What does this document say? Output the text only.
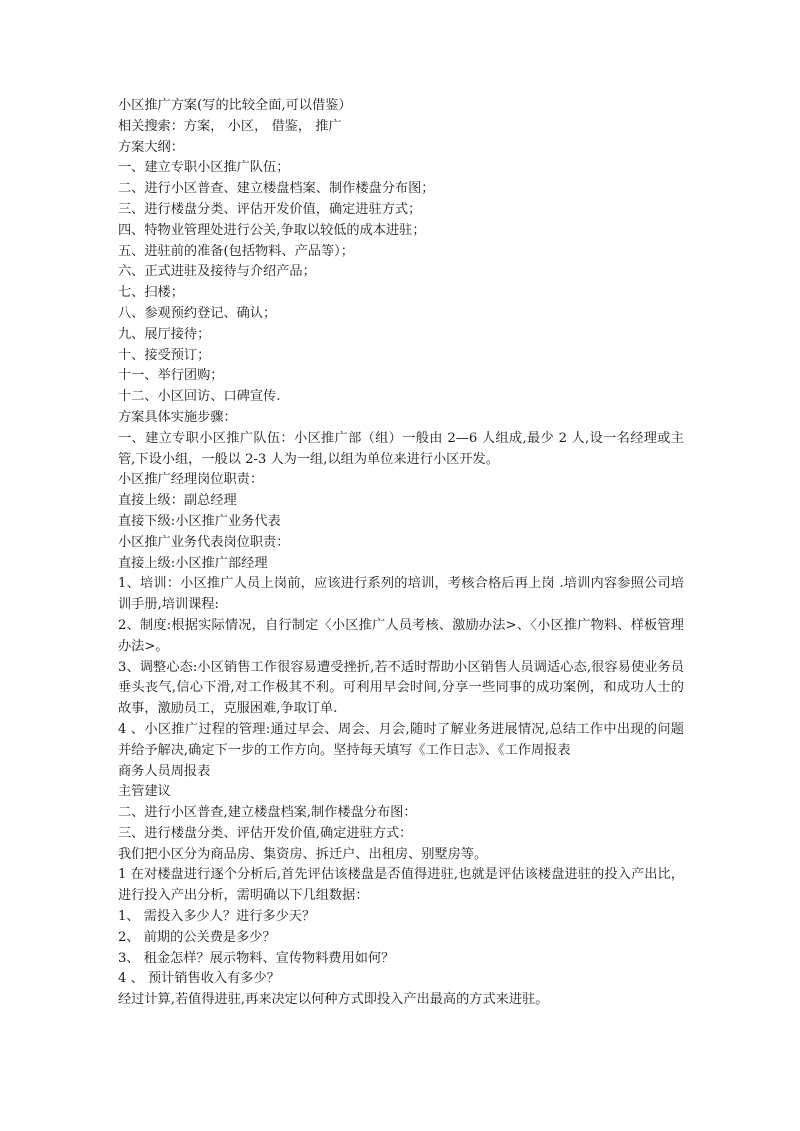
小区推广方案(写的比较全面,可以借鉴）

相关搜索：方案， 小区， 借鉴， 推广

方案大纲：

一、建立专职小区推广队伍；

二、进行小区普查、建立楼盘档案、制作楼盘分布图；

三、进行楼盘分类、评估开发价值，确定进驻方式；

四、特物业管理处进行公关,争取以较低的成本进驻；

五、进驻前的准备(包括物料、产品等）；

六、正式进驻及接待与介绍产品；

七、扫楼；

八、参观预约登记、确认；

九、展厅接待；

十、接受预订；

十一、举行团购；

十二、小区回访、口碑宣传.

方案具体实施步骤：

一、建立专职小区推广队伍：小区推广部（组）一般由 2—6 人组成,最少 2 人,设一名经理或主管,下设小组，一般以 2-3 人为一组,以组为单位来进行小区开发。

小区推广经理岗位职责：

直接上级：副总经理

直接下级:小区推广业务代表

小区推广业务代表岗位职责：

直接上级:小区推广部经理

1、培训：小区推广人员上岗前，应该进行系列的培训，考核合格后再上岗 .培训内容参照公司培训手册,培训课程:

2、制度:根据实际情况，自行制定〈小区推广人员考核、激励办法>、〈小区推广物料、样板管理办法>。

3、调整心态:小区销售工作很容易遭受挫折,若不适时帮助小区销售人员调适心态,很容易使业务员垂头丧气,信心下滑,对工作极其不利。可利用早会时间,分享一些同事的成功案例，和成功人士的故事，激励员工，克服困难,争取订单.

4 、小区推广过程的管理:通过早会、周会、月会,随时了解业务进展情况,总结工作中出现的问题并给予解决,确定下一步的工作方向。坚持每天填写《工作日志》、《工作周报表

商务人员周报表

主管建议

二、进行小区普查,建立楼盘档案,制作楼盘分布图：

三、进行楼盘分类、评估开发价值,确定进驻方式：

我们把小区分为商品房、集资房、拆迁户、出租房、别墅房等。

1 在对楼盘进行逐个分析后,首先评估该楼盘是否值得进驻,也就是评估该楼盘进驻的投入产出比，进行投入产出分析，需明确以下几组数据：

1、 需投入多少人？进行多少天？

2、 前期的公关费是多少？

3、 租金怎样？展示物料、宣传物料费用如何？

4 、 预计销售收入有多少？

经过计算,若值得进驻,再来决定以何种方式即投入产出最高的方式来进驻。
